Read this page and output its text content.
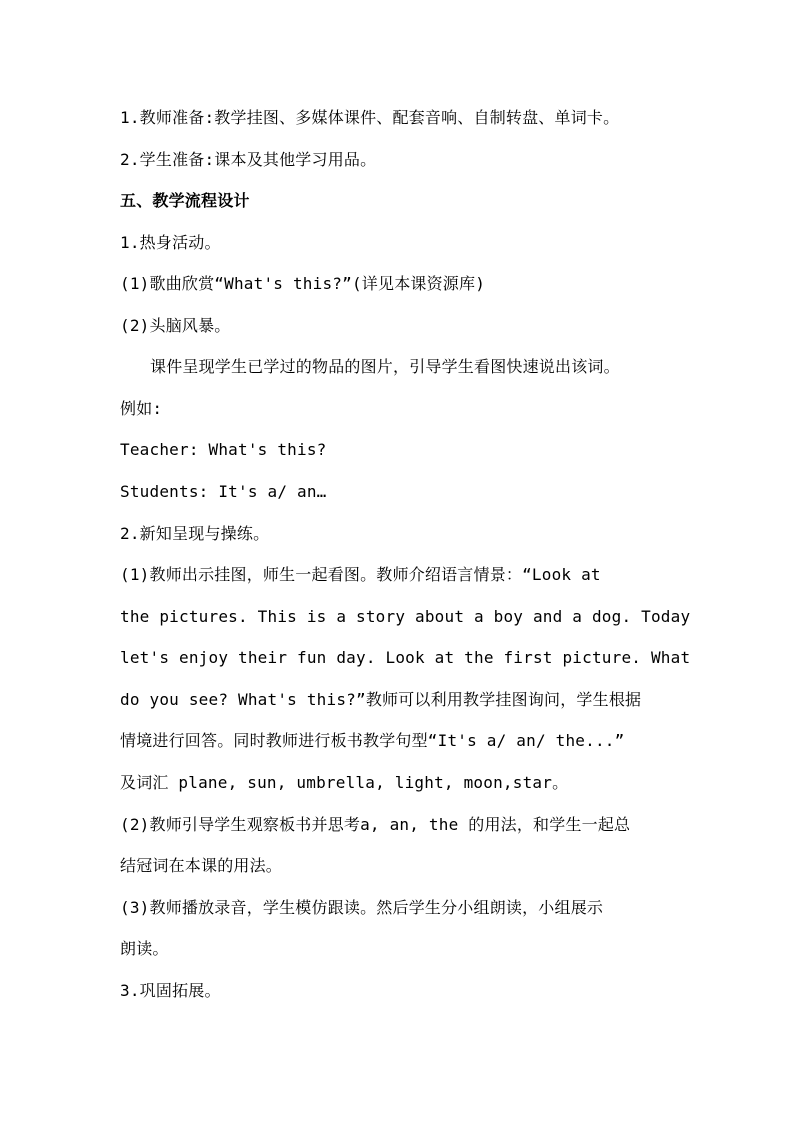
1.教师准备:教学挂图、多媒体课件、配套音响、自制转盘、单词卡。
2.学生准备:课本及其他学习用品。
五、教学流程设计
1.热身活动。
(1)歌曲欣赏“What's this?”(详见本课资源库)
(2)头脑风暴。
课件呈现学生已学过的物品的图片，引导学生看图快速说出该词。
例如:
Teacher: What's this?
Students: It's a/ an…
2.新知呈现与操练。
(1)教师出示挂图，师生一起看图。教师介绍语言情景：“Look at
the pictures. This is a story about a boy and a dog. Today
let's enjoy their fun day. Look at the first picture. What
do you see? What's this?”教师可以利用教学挂图询问，学生根据
情境进行回答。同时教师进行板书教学句型“It's a/ an/ the...”
及词汇 plane, sun, umbrella, light, moon,star。
(2)教师引导学生观察板书并思考a, an, the 的用法，和学生一起总
结冠词在本课的用法。
(3)教师播放录音，学生模仿跟读。然后学生分小组朗读，小组展示
朗读。
3.巩固拓展。
